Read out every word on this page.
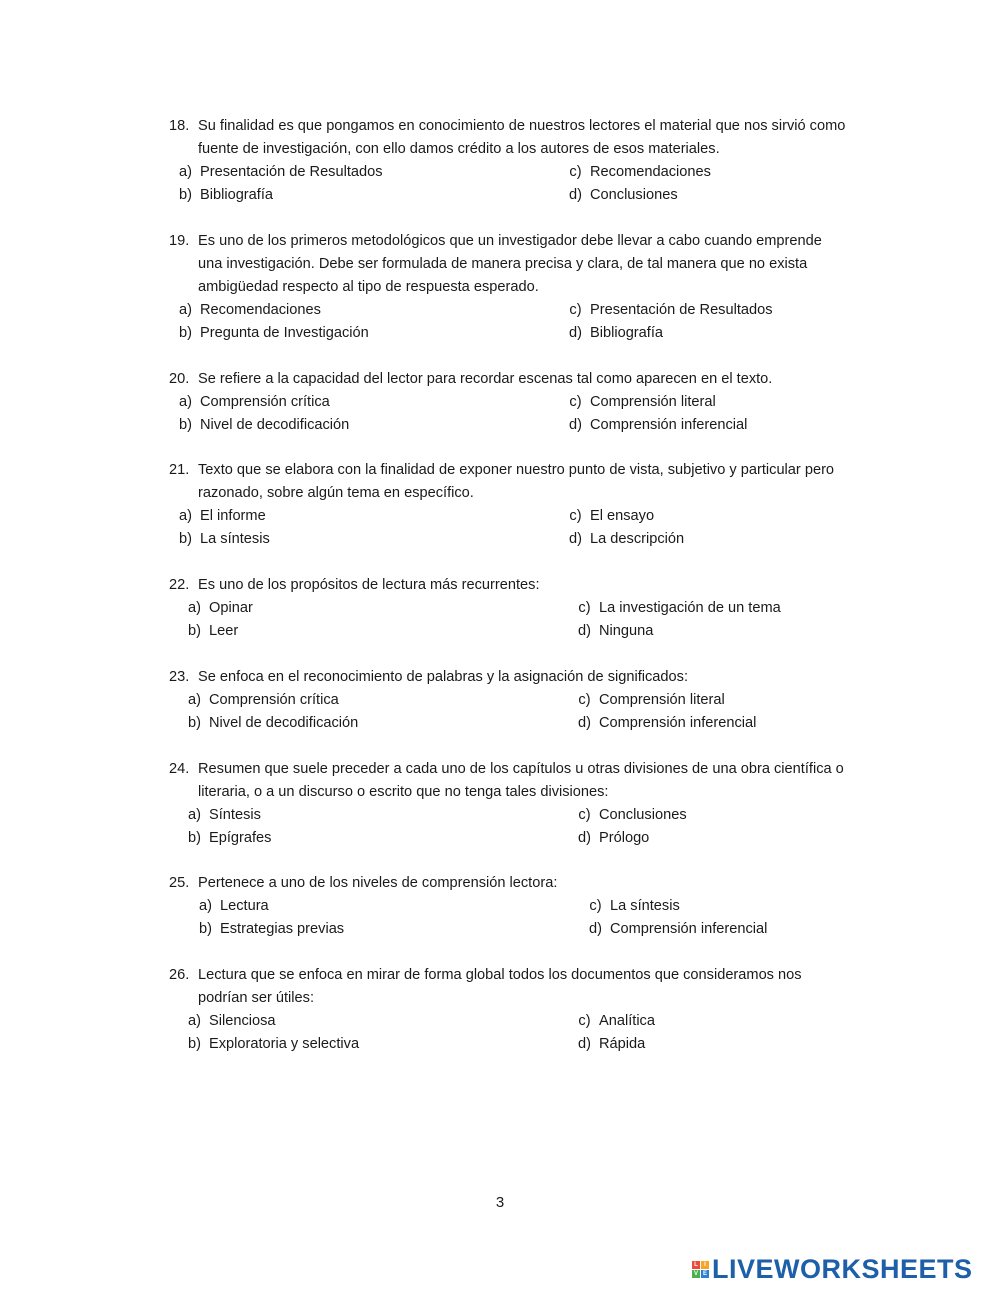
18. Su finalidad es que pongamos en conocimiento de nuestros lectores el material que nos sirvió como
fuente de investigación, con ello damos crédito a los autores de esos materiales.
a) Presentación de Resultados	c) Recomendaciones
b) Bibliografía	d) Conclusiones
19. Es uno de los primeros metodológicos que un investigador debe llevar a cabo cuando emprende
una investigación. Debe ser formulada de manera precisa y clara, de tal manera que no exista
ambigüedad respecto al tipo de respuesta esperado.
a) Recomendaciones	c) Presentación de Resultados
b) Pregunta de Investigación	d) Bibliografía
20. Se refiere a la capacidad del lector para recordar escenas tal como aparecen en el texto.
a) Comprensión crítica	c) Comprensión literal
b) Nivel de decodificación	d) Comprensión inferencial
21. Texto que se elabora con la finalidad de exponer nuestro punto de vista, subjetivo y particular pero
razonado, sobre algún tema en específico.
a) El informe	c) El ensayo
b) La síntesis	d) La descripción
22. Es uno de los propósitos de lectura más recurrentes:
a) Opinar	c) La investigación de un tema
b) Leer	d) Ninguna
23. Se enfoca en el reconocimiento de palabras y la asignación de significados:
a) Comprensión crítica	c) Comprensión literal
b) Nivel de decodificación	d) Comprensión inferencial
24. Resumen que suele preceder a cada uno de los capítulos u otras divisiones de una obra científica o
literaria, o a un discurso o escrito que no tenga tales divisiones:
a) Síntesis	c) Conclusiones
b) Epígrafes	d) Prólogo
25. Pertenece a uno de los niveles de comprensión lectora:
a) Lectura	c) La síntesis
b) Estrategias previas	d) Comprensión inferencial
26. Lectura que se enfoca en mirar de forma global todos los documentos que consideramos nos
podrían ser útiles:
a) Silenciosa	c) Analítica
b) Exploratoria y selectiva	d) Rápida
3
L	I
V E LIVEWORKSHEETS
